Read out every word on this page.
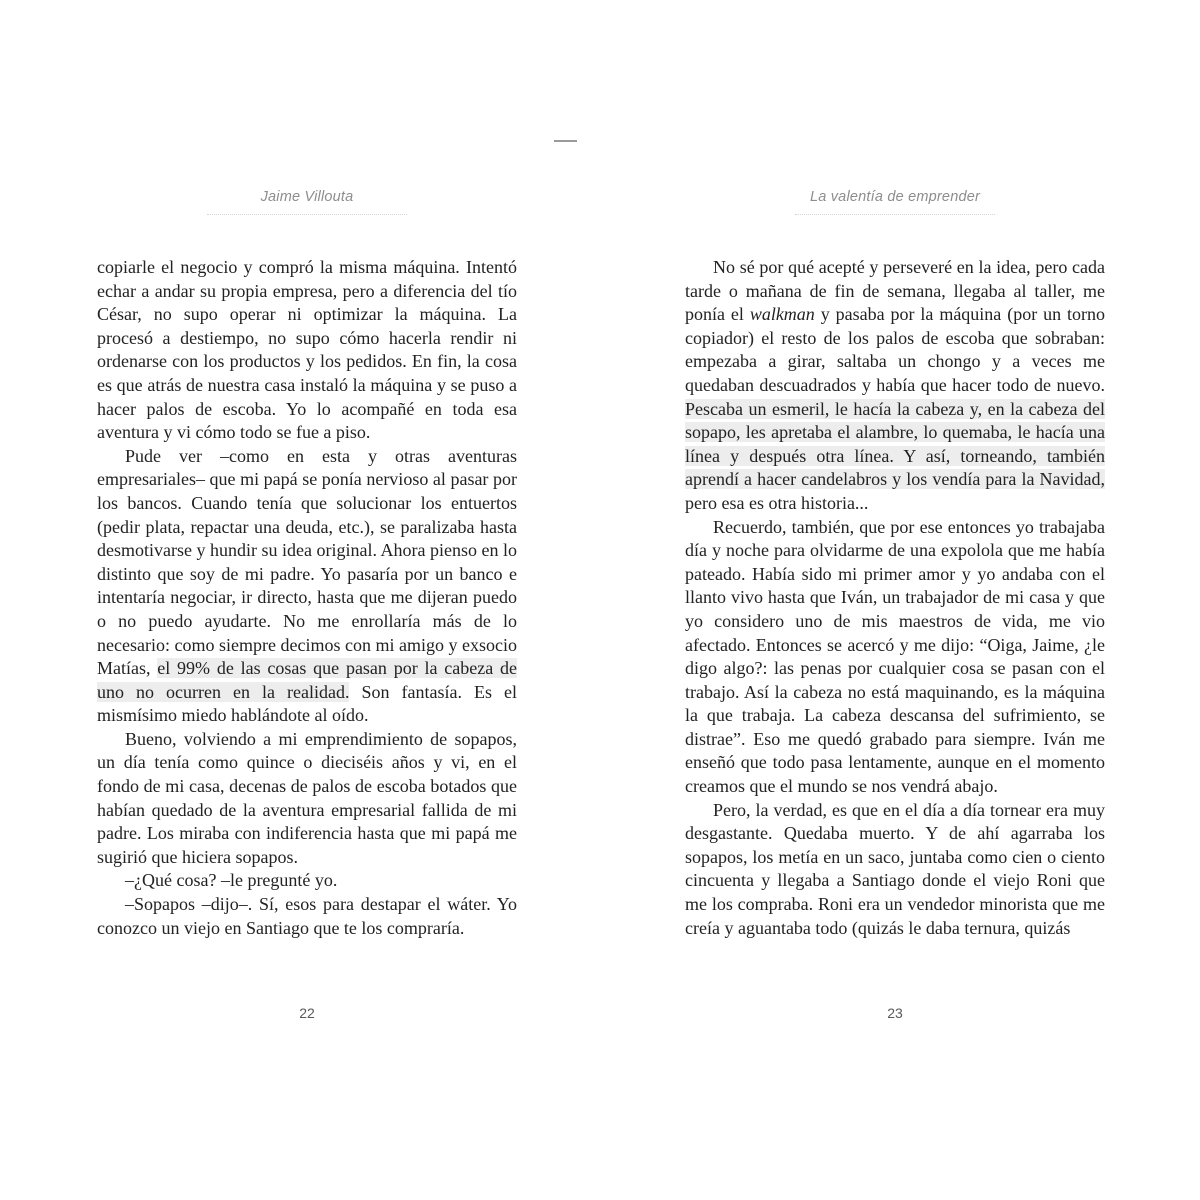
Jaime Villouta

copiarle el negocio y compró la misma máquina. Intentó echar a andar su propia empresa, pero a diferencia del tío César, no supo operar ni optimizar la máquina. La procesó a destiempo, no supo cómo hacerla rendir ni ordenarse con los productos y los pedidos. En fin, la cosa es que atrás de nuestra casa instaló la máquina y se puso a hacer palos de escoba. Yo lo acompañé en toda esa aventura y vi cómo todo se fue a piso.

Pude ver –como en esta y otras aventuras empresariales– que mi papá se ponía nervioso al pasar por los bancos. Cuando tenía que solucionar los entuertos (pedir plata, repactar una deuda, etc.), se paralizaba hasta desmotivarse y hundir su idea original. Ahora pienso en lo distinto que soy de mi padre. Yo pasaría por un banco e intentaría negociar, ir directo, hasta que me dijeran puedo o no puedo ayudarte. No me enrollaría más de lo necesario: como siempre decimos con mi amigo y exsocio Matías, el 99% de las cosas que pasan por la cabeza de uno no ocurren en la realidad. Son fantasía. Es el mismísimo miedo hablándote al oído.

Bueno, volviendo a mi emprendimiento de sopapos, un día tenía como quince o dieciséis años y vi, en el fondo de mi casa, decenas de palos de escoba botados que habían quedado de la aventura empresarial fallida de mi padre. Los miraba con indiferencia hasta que mi papá me sugirió que hiciera sopapos.

–¿Qué cosa? –le pregunté yo.

–Sopapos –dijo–. Sí, esos para destapar el wáter. Yo conozco un viejo en Santiago que te los compraría.

22
La valentía de emprender

No sé por qué acepté y perseveré en la idea, pero cada tarde o mañana de fin de semana, llegaba al taller, me ponía el walkman y pasaba por la máquina (por un torno copiador) el resto de los palos de escoba que sobraban: empezaba a girar, saltaba un chongo y a veces me quedaban descuadrados y había que hacer todo de nuevo. Pescaba un esmeril, le hacía la cabeza y, en la cabeza del sopapo, les apretaba el alambre, lo quemaba, le hacía una línea y después otra línea. Y así, torneando, también aprendí a hacer candelabros y los vendía para la Navidad, pero esa es otra historia...

Recuerdo, también, que por ese entonces yo trabajaba día y noche para olvidarme de una expolola que me había pateado. Había sido mi primer amor y yo andaba con el llanto vivo hasta que Iván, un trabajador de mi casa y que yo considero uno de mis maestros de vida, me vio afectado. Entonces se acercó y me dijo: “Oiga, Jaime, ¿le digo algo?: las penas por cualquier cosa se pasan con el trabajo. Así la cabeza no está maquinando, es la máquina la que trabaja. La cabeza descansa del sufrimiento, se distrae”. Eso me quedó grabado para siempre. Iván me enseñó que todo pasa lentamente, aunque en el momento creamos que el mundo se nos vendrá abajo.

Pero, la verdad, es que en el día a día tornear era muy desgastante. Quedaba muerto. Y de ahí agarraba los sopapos, los metía en un saco, juntaba como cien o ciento cincuenta y llegaba a Santiago donde el viejo Roni que me los compraba. Roni era un vendedor minorista que me creía y aguantaba todo (quizás le daba ternura, quizás

23
